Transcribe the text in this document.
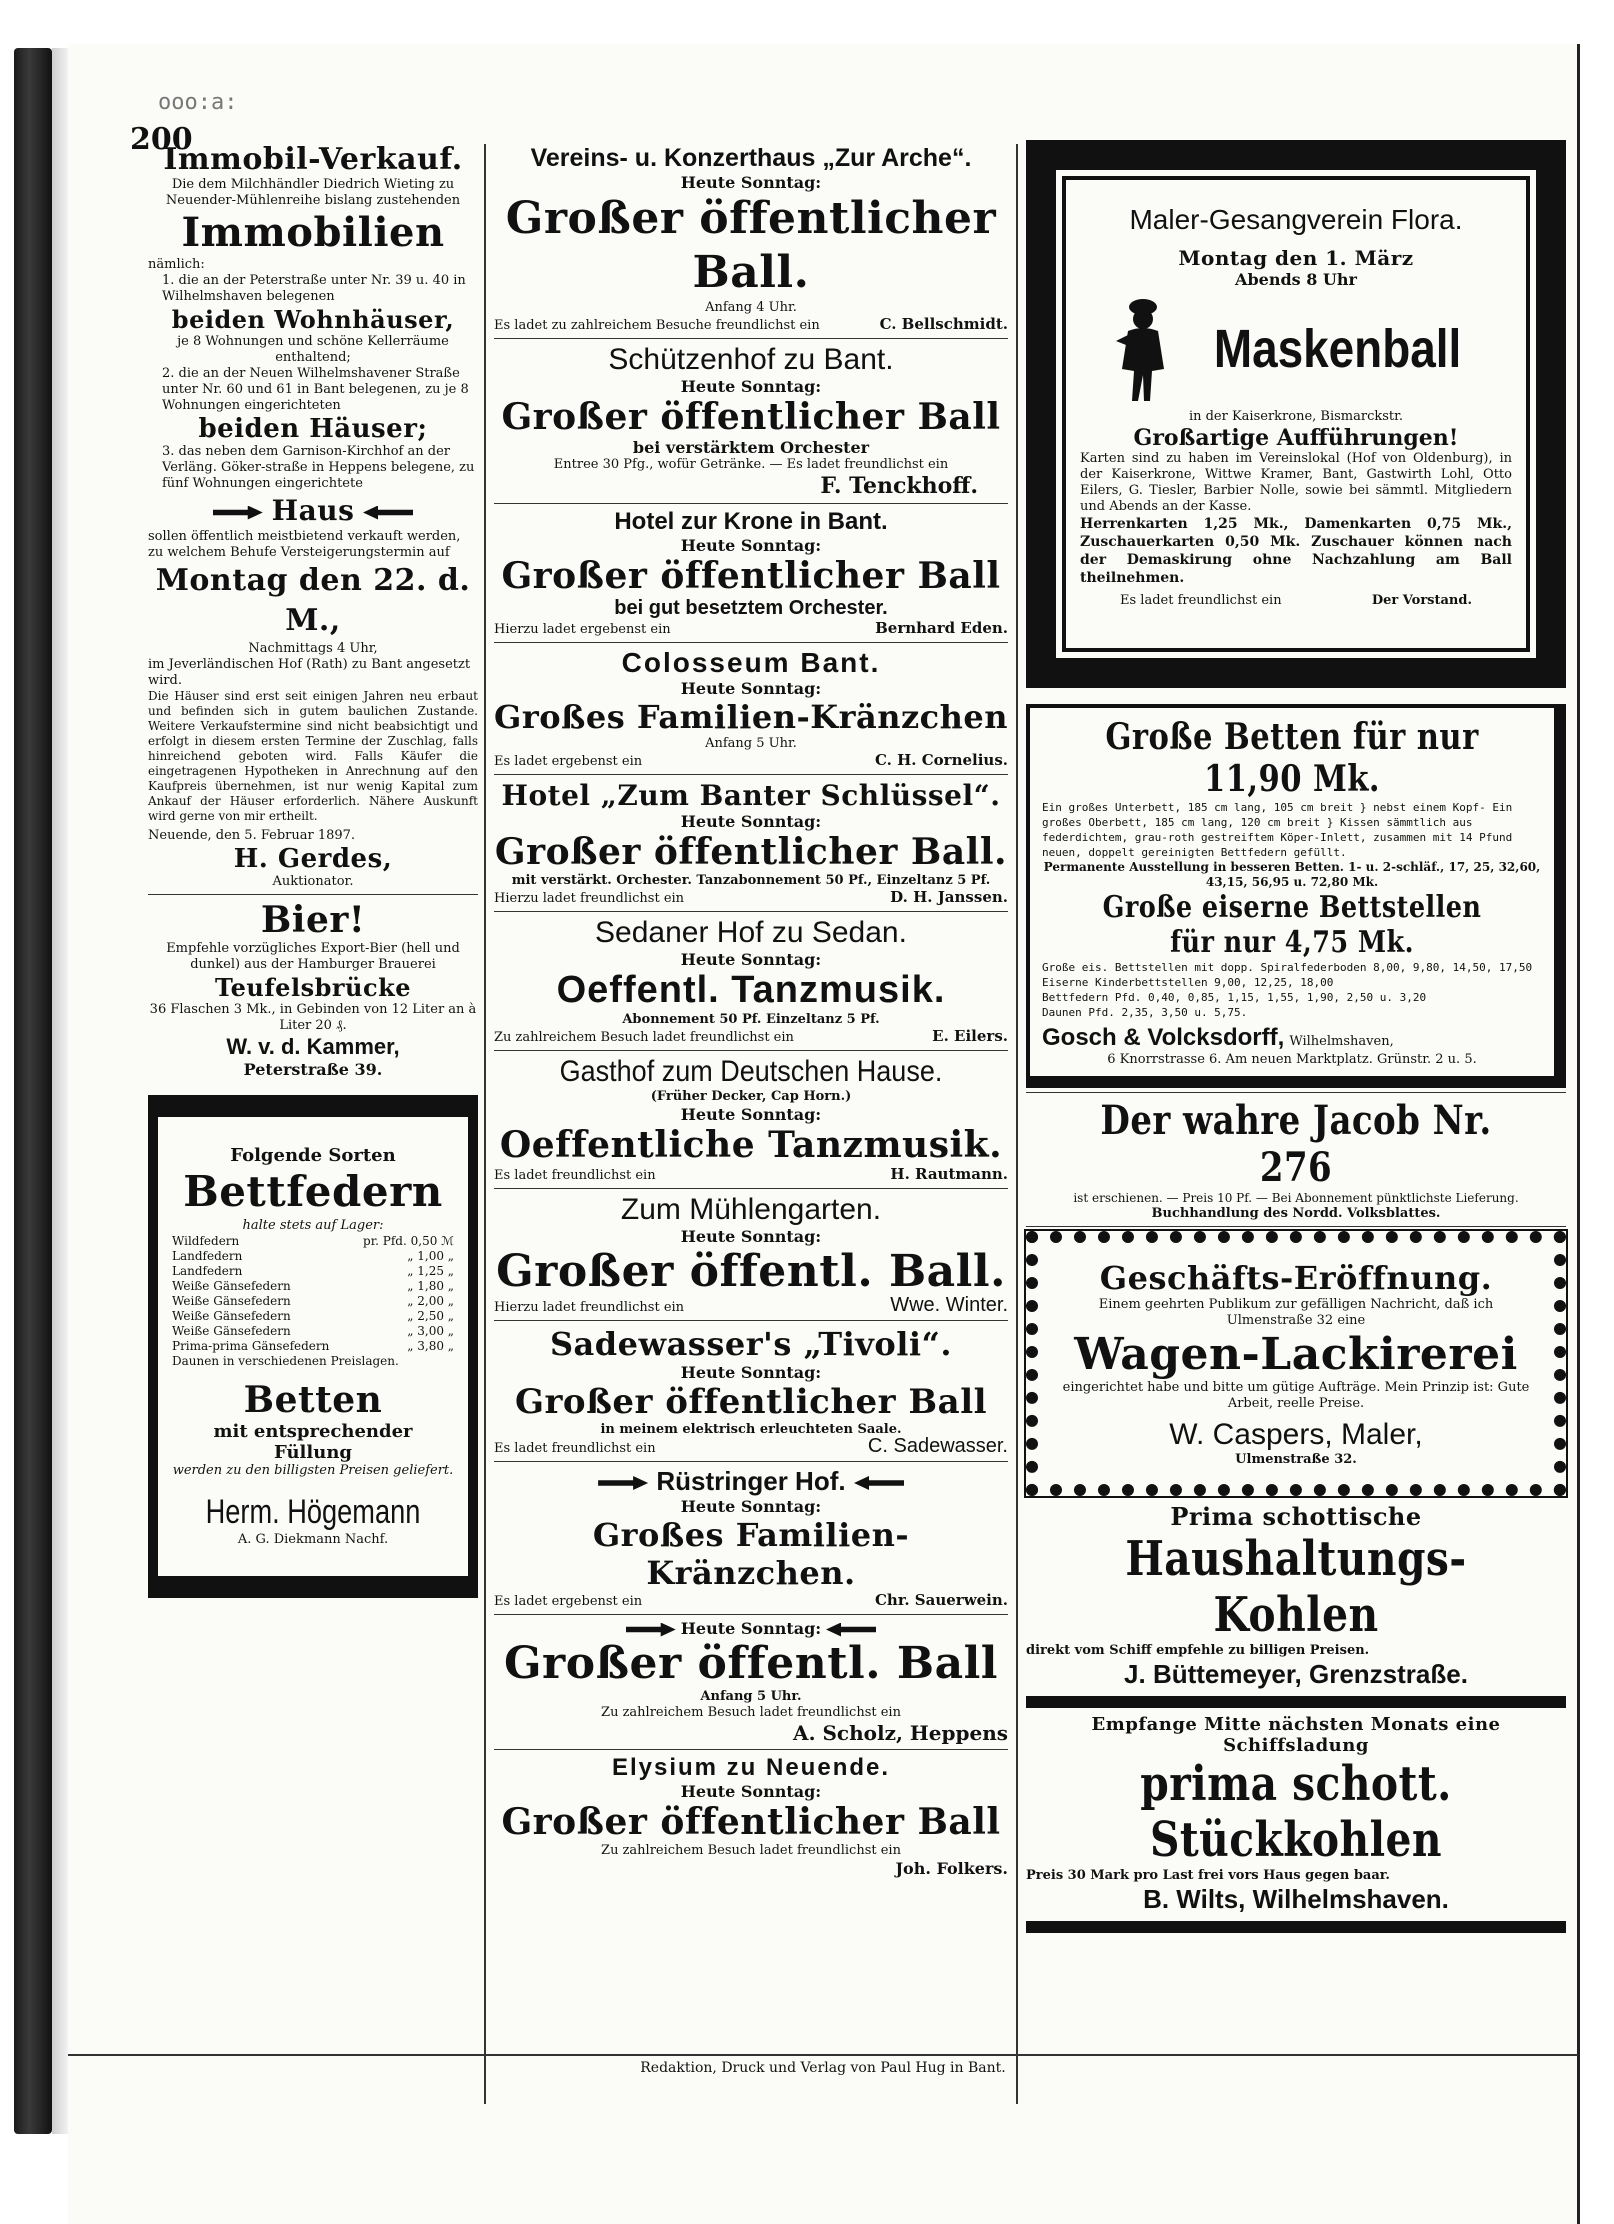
ooo:a:
200
Immobil-Verkauf.
Die dem Milchhändler Diedrich Wieting zu Neuender-Mühlenreihe bislang zustehenden
Immobilien
nämlich:
1. die an der Peterstraße unter Nr. 39 u. 40 in Wilhelmshaven belegenen
beiden Wohnhäuser,
je 8 Wohnungen und schöne Kellerräume enthaltend;
2. die an der Neuen Wilhelmshavener Straße unter Nr. 60 und 61 in Bant belegenen, zu je 8 Wohnungen eingerichteten
beiden Häuser;
3. das neben dem Garnison-Kirchhof an der Verläng. Göker-straße in Heppens belegene, zu fünf Wohnungen eingerichtete
Haus
sollen öffentlich meistbietend verkauft werden, zu welchem Behufe Versteigerungstermin auf
Montag den 22. d. M.,
Nachmittags 4 Uhr,
im Jeverländischen Hof (Rath) zu Bant angesetzt wird.
Die Häuser sind erst seit einigen Jahren neu erbaut und befinden sich in gutem baulichen Zustande. Weitere Verkaufstermine sind nicht beabsichtigt und erfolgt in diesem ersten Termine der Zuschlag, falls hinreichend geboten wird. Falls Käufer die eingetragenen Hypotheken in Anrechnung auf den Kaufpreis übernehmen, ist nur wenig Kapital zum Ankauf der Häuser erforderlich. Nähere Auskunft wird gerne von mir ertheilt.
Neuende, den 5. Februar 1897.
H. Gerdes,
Auktionator.
Bier!
Empfehle vorzügliches Export-Bier (hell und dunkel) aus der Hamburger Brauerei
Teufelsbrücke
36 Flaschen 3 Mk., in Gebinden von 12 Liter an à Liter 20 ₰.
W. v. d. Kammer,
Peterstraße 39.
Folgende Sorten
Bettfedern
halte stets auf Lager:
Wildfedern	pr. Pfd. 0,50 ℳ
Landfedern	„ 1,00 „
Landfedern	„ 1,25 „
Weiße Gänsefedern	„ 1,80 „
Weiße Gänsefedern	„ 2,00 „
Weiße Gänsefedern	„ 2,50 „
Weiße Gänsefedern	„ 3,00 „
Prima-prima Gänsefedern	„ 3,80 „
Daunen in verschiedenen Preislagen.
Betten
mit entsprechender Füllung
werden zu den billigsten Preisen geliefert.
Herm. Högemann
A. G. Diekmann Nachf.
Vereins- u. Konzerthaus „Zur Arche“.
Heute Sonntag:
Großer öffentlicher Ball.
Anfang 4 Uhr.
Es ladet zu zahlreichem Besuche freundlichst ein	C. Bellschmidt.
Schützenhof zu Bant.
Heute Sonntag:
Großer öffentlicher Ball
bei verstärktem Orchester
Entree 30 Pfg., wofür Getränke. — Es ladet freundlichst ein
F. Tenckhoff.
Hotel zur Krone in Bant.
Heute Sonntag:
Großer öffentlicher Ball
bei gut besetztem Orchester.
Hierzu ladet ergebenst ein	Bernhard Eden.
Colosseum Bant.
Heute Sonntag:
Großes Familien-Kränzchen
Anfang 5 Uhr.
Es ladet ergebenst ein	C. H. Cornelius.
Hotel „Zum Banter Schlüssel“.
Heute Sonntag:
Großer öffentlicher Ball.
mit verstärkt. Orchester. Tanzabonnement 50 Pf., Einzeltanz 5 Pf.
Hierzu ladet freundlichst ein	D. H. Janssen.
Sedaner Hof zu Sedan.
Heute Sonntag:
Oeffentl. Tanzmusik.
Abonnement 50 Pf. Einzeltanz 5 Pf.
Zu zahlreichem Besuch ladet freundlichst ein	E. Eilers.
Gasthof zum Deutschen Hause.
(Früher Decker, Cap Horn.)
Heute Sonntag:
Oeffentliche Tanzmusik.
Es ladet freundlichst ein	H. Rautmann.
Zum Mühlengarten.
Heute Sonntag:
Großer öffentl. Ball.
Hierzu ladet freundlichst ein	Wwe. Winter.
Sadewasser's „Tivoli“.
Heute Sonntag:
Großer öffentlicher Ball
in meinem elektrisch erleuchteten Saale.
Es ladet freundlichst ein	C. Sadewasser.
Rüstringer Hof.
Heute Sonntag:
Großes Familien-Kränzchen.
Es ladet ergebenst ein	Chr. Sauerwein.
Heute Sonntag:
Großer öffentl. Ball
Anfang 5 Uhr.
Zu zahlreichem Besuch ladet freundlichst ein
A. Scholz, Heppens
Elysium zu Neuende.
Heute Sonntag:
Großer öffentlicher Ball
Zu zahlreichem Besuch ladet freundlichst ein
Joh. Folkers.
Maler-Gesangverein Flora.
Montag den 1. März
Abends 8 Uhr
Maskenball
in der Kaiserkrone, Bismarckstr.
Großartige Aufführungen!
Karten sind zu haben im Vereinslokal (Hof von Oldenburg), in der Kaiserkrone, Wittwe Kramer, Bant, Gastwirth Lohl, Otto Eilers, G. Tiesler, Barbier Nolle, sowie bei sämmtl. Mitgliedern und Abends an der Kasse.
Herrenkarten 1,25 Mk., Damenkarten 0,75 Mk., Zuschauerkarten 0,50 Mk. Zuschauer können nach der Demaskirung ohne Nachzahlung am Ball theilnehmen.
Es ladet freundlichst ein	Der Vorstand.
Große Betten für nur 11,90 Mk.
Ein großes Unterbett, 185 cm lang, 105 cm breit } nebst einem Kopf- Ein großes Oberbett, 185 cm lang, 120 cm breit } Kissen sämmtlich aus federdichtem, grau-roth gestreiftem Köper-Inlett, zusammen mit 14 Pfund neuen, doppelt gereinigten Bettfedern gefüllt.
Permanente Ausstellung in besseren Betten. 1- u. 2-schläf., 17, 25, 32,60, 43,15, 56,95 u. 72,80 Mk.
Große eiserne Bettstellen für nur 4,75 Mk.
Große eis. Bettstellen mit dopp. Spiralfederboden 8,00, 9,80, 14,50, 17,50
Eiserne Kinderbettstellen 9,00, 12,25, 18,00
Bettfedern Pfd. 0,40, 0,85, 1,15, 1,55, 1,90, 2,50 u. 3,20
Daunen Pfd. 2,35, 3,50 u. 5,75.
Gosch & Volcksdorff, Wilhelmshaven,
6 Knorrstrasse 6. Am neuen Marktplatz. Grünstr. 2 u. 5.
Der wahre Jacob Nr. 276
ist erschienen. — Preis 10 Pf. — Bei Abonnement pünktlichste Lieferung.
Buchhandlung des Nordd. Volksblattes.
Geschäfts-Eröffnung.
Einem geehrten Publikum zur gefälligen Nachricht, daß ich Ulmenstraße 32 eine
Wagen-Lackirerei
eingerichtet habe und bitte um gütige Aufträge. Mein Prinzip ist: Gute Arbeit, reelle Preise.
W. Caspers, Maler,
Ulmenstraße 32.
Prima schottische
Haushaltungs-Kohlen
direkt vom Schiff empfehle zu billigen Preisen.
J. Büttemeyer, Grenzstraße.
Empfange Mitte nächsten Monats eine Schiffsladung
prima schott. Stückkohlen
Preis 30 Mark pro Last frei vors Haus gegen baar.
B. Wilts, Wilhelmshaven.
Redaktion, Druck und Verlag von Paul Hug in Bant.
